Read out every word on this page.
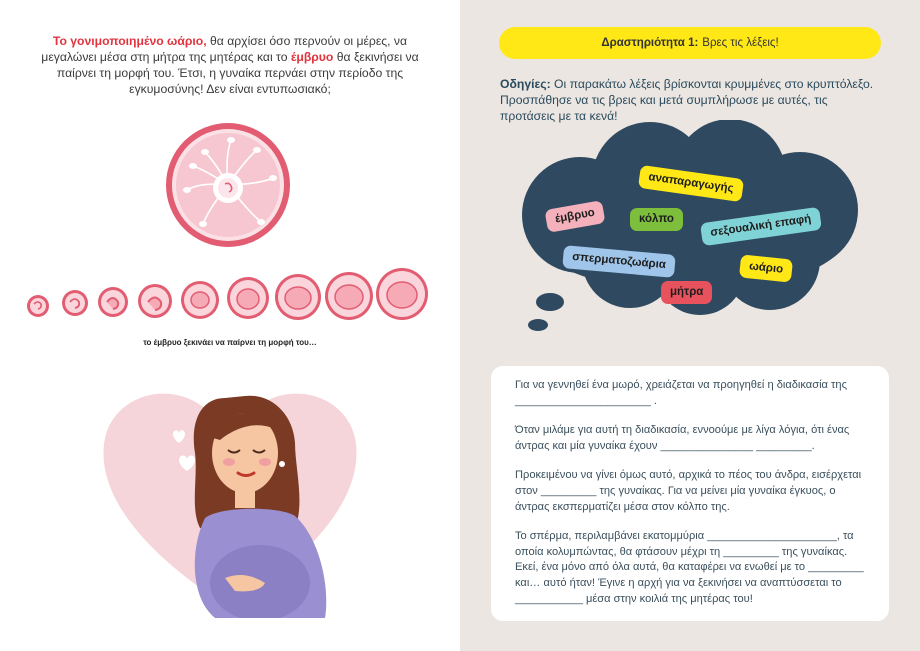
Το γονιμοποιημένο ωάριο, θα αρχίσει όσο περνούν οι μέρες, να μεγαλώνει μέσα στη μήτρα της μητέρας και το έμβρυο θα ξεκινήσει να παίρνει τη μορφή του. Έτσι, η γυναίκα περνάει στην περίοδο της εγκυμοσύνης! Δεν είναι εντυπωσιακό;
το έμβρυο ξεκινάει να παίρνει τη μορφή του…
Δραστηριότητα 1: Βρες τις λέξεις!
Οδηγίες: Οι παρακάτω λέξεις βρίσκονται κρυμμένες στο κρυπτόλεξο. Προσπάθησε να τις βρεις και μετά συμπλήρωσε με αυτές, τις προτάσεις με τα κενά!
αναπαραγωγής
έμβρυο	κόλπο	σεξουαλική επαφή
σπερματοζωάρια	ωάριο
μήτρα

Για να γεννηθεί ένα μωρό, χρειάζεται να προηγηθεί η διαδικασία της ______________________ .

Όταν μιλάμε για αυτή τη διαδικασία, εννοούμε με λίγα λόγια, ότι ένας άντρας και μία γυναίκα έχουν _______________ _________.

Προκειμένου να γίνει όμως αυτό, αρχικά το πέος του άνδρα, εισέρχεται στον _________ της γυναίκας. Για να μείνει μία γυναίκα έγκυος, ο άντρας εκσπερματίζει μέσα στον κόλπο της.

Το σπέρμα, περιλαμβάνει εκατομμύρια _____________________, τα οποία κολυμπώντας, θα φτάσουν μέχρι τη _________ της γυναίκας. Εκεί, ένα μόνο από όλα αυτά, θα καταφέρει να ενωθεί με το _________ και… αυτό ήταν! Έγινε η αρχή για να ξεκινήσει να αναπτύσσεται το ___________ μέσα στην κοιλιά της μητέρας του!
